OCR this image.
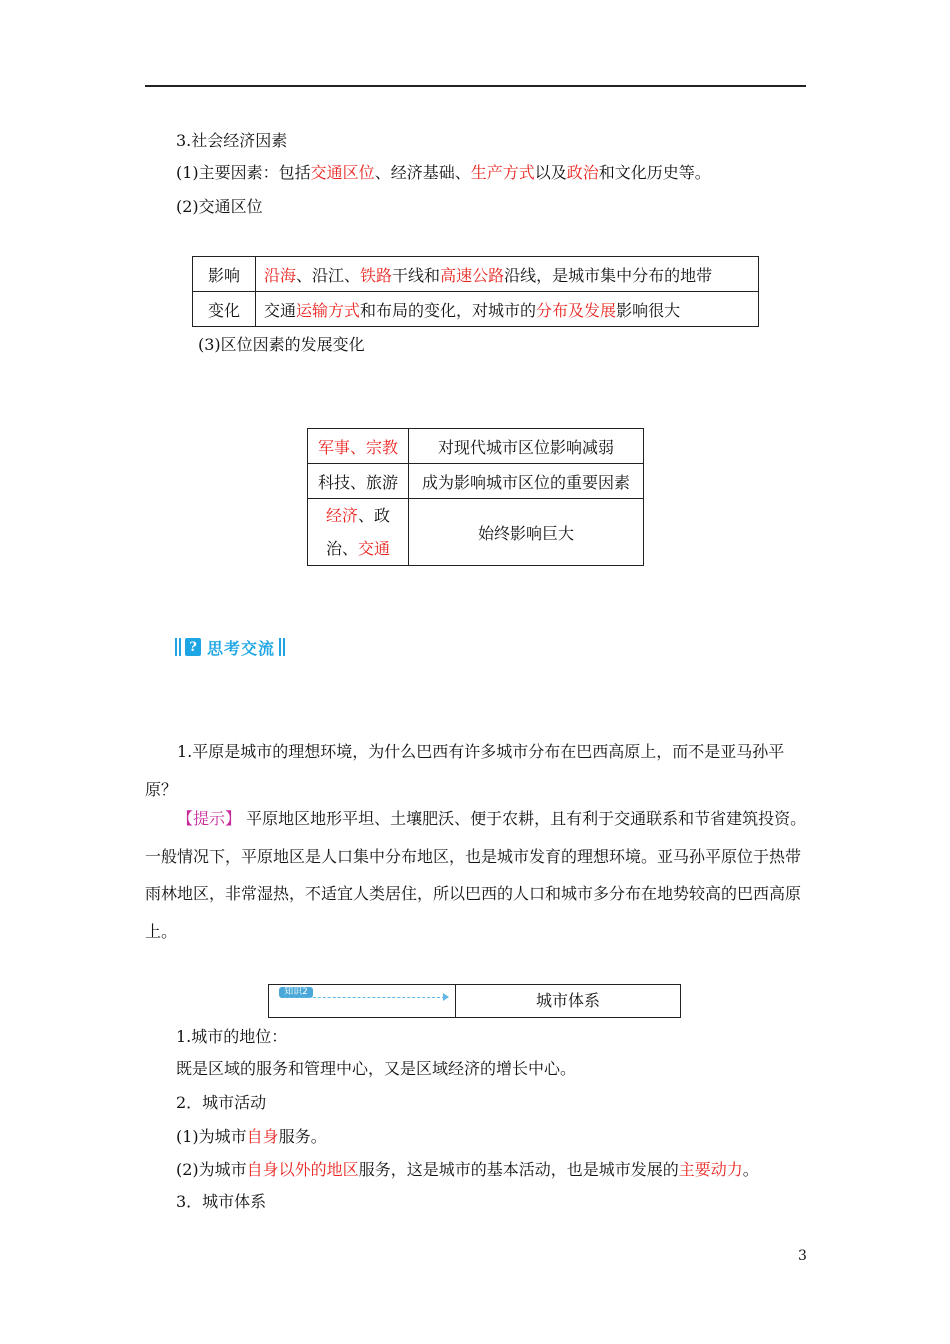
3.社会经济因素
(1)主要因素：包括交通区位、经济基础、生产方式以及政治和文化历史等。
(2)交通区位
影响	沿海、沿江、铁路干线和高速公路沿线，是城市集中分布的地带
变化	交通运输方式和布局的变化，对城市的分布及发展影响很大
(3)区位因素的发展变化
军事、宗教	对现代城市区位影响减弱
科技、旅游	成为影响城市区位的重要因素
经济、政
治、交通	始终影响巨大
? 思考交流
1.平原是城市的理想环境，为什么巴西有许多城市分布在巴西高原上，而不是亚马孙平原？
【提示】 平原地区地形平坦、土壤肥沃、便于农耕，且有利于交通联系和节省建筑投资。一般情况下，平原地区是人口集中分布地区，也是城市发育的理想环境。亚马孙平原位于热带雨林地区，非常湿热，不适宜人类居住，所以巴西的人口和城市多分布在地势较高的巴西高原上。
知识2	城市体系
1.城市的地位：
既是区域的服务和管理中心，又是区域经济的增长中心。
2．城市活动
(1)为城市自身服务。
(2)为城市自身以外的地区服务，这是城市的基本活动，也是城市发展的主要动力。
3．城市体系
3
